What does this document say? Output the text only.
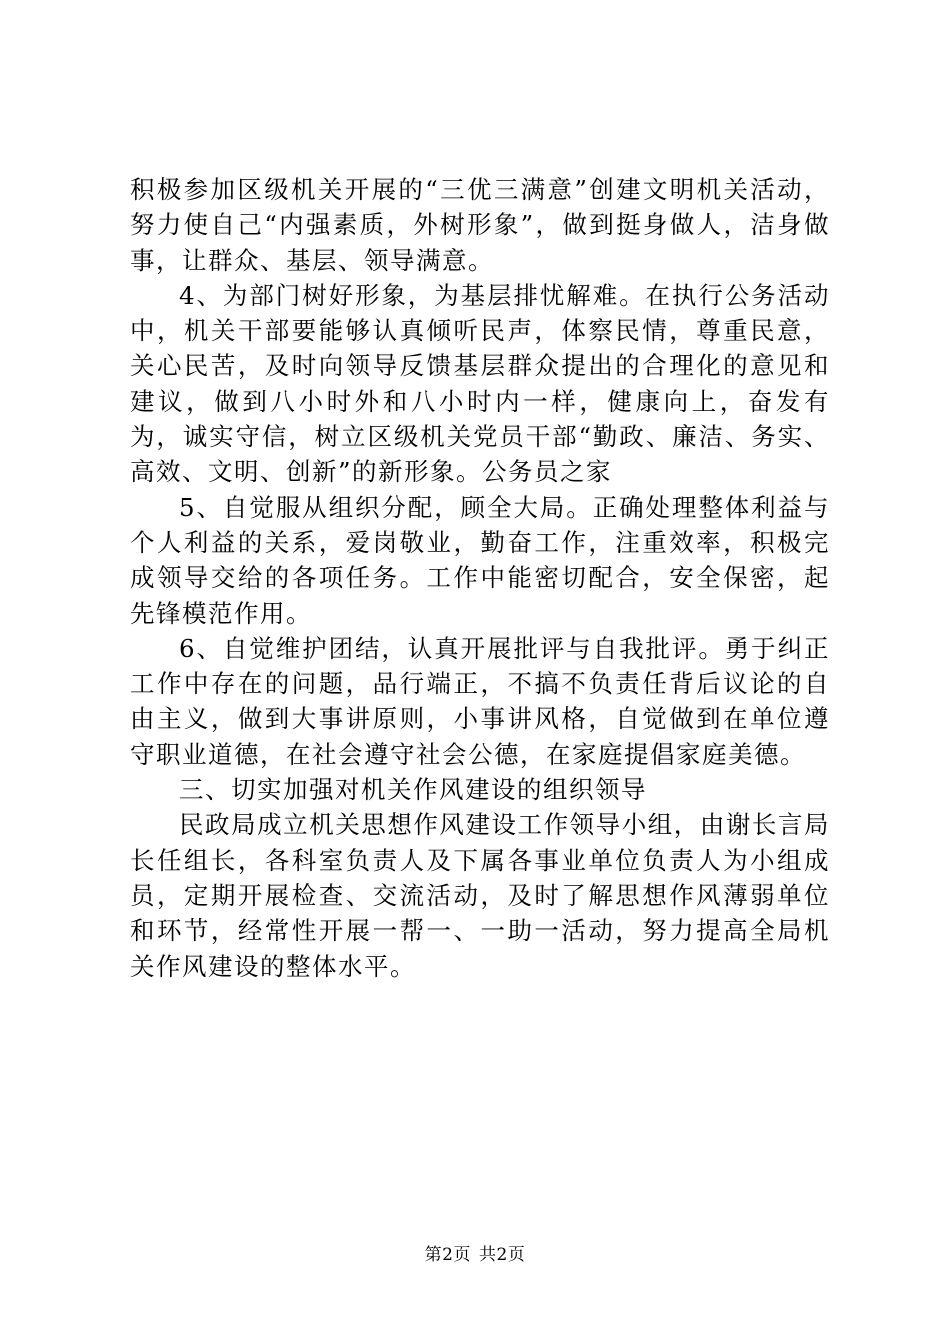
积极参加区级机关开展的“三优三满意”创建文明机关活动，努力使自己“内强素质，外树形象”，做到挺身做人，洁身做事，让群众、基层、领导满意。

4、为部门树好形象，为基层排忧解难。在执行公务活动中，机关干部要能够认真倾听民声，体察民情，尊重民意，关心民苦，及时向领导反馈基层群众提出的合理化的意见和建议，做到八小时外和八小时内一样，健康向上，奋发有为，诚实守信，树立区级机关党员干部“勤政、廉洁、务实、高效、文明、创新”的新形象。公务员之家

5、自觉服从组织分配，顾全大局。正确处理整体利益与个人利益的关系，爱岗敬业，勤奋工作，注重效率，积极完成领导交给的各项任务。工作中能密切配合，安全保密，起先锋模范作用。

6、自觉维护团结，认真开展批评与自我批评。勇于纠正工作中存在的问题，品行端正，不搞不负责任背后议论的自由主义，做到大事讲原则，小事讲风格，自觉做到在单位遵守职业道德，在社会遵守社会公德，在家庭提倡家庭美德。

三、切实加强对机关作风建设的组织领导

民政局成立机关思想作风建设工作领导小组，由谢长言局长任组长，各科室负责人及下属各事业单位负责人为小组成员，定期开展检查、交流活动，及时了解思想作风薄弱单位和环节，经常性开展一帮一、一助一活动，努力提高全局机关作风建设的整体水平。

第2页 共2页
